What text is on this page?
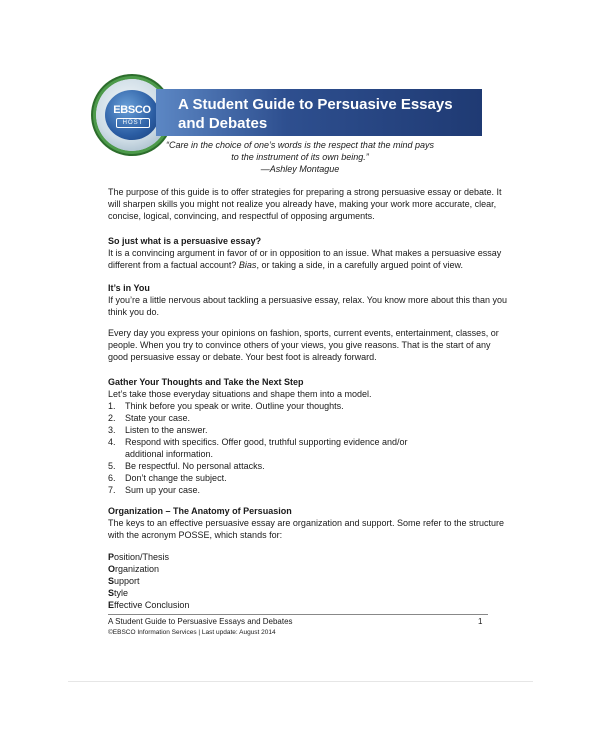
EBSCO
HOST
A Student Guide to Persuasive Essays
and Debates
“Care in the choice of one’s words is the respect that the mind pays
to the instrument of its own being.”
—Ashley Montague

The purpose of this guide is to offer strategies for preparing a strong persuasive essay or debate. It will sharpen skills you might not realize you already have, making your work more accurate, clear, concise, logical, convincing, and respectful of opposing arguments.

So just what is a persuasive essay?

It is a convincing argument in favor of or in opposition to an issue. What makes a persuasive essay different from a factual account? Bias, or taking a side, in a carefully argued point of view.

It’s in You

If you’re a little nervous about tackling a persuasive essay, relax. You know more about this than you think you do.

Every day you express your opinions on fashion, sports, current events, entertainment, classes, or people. When you try to convince others of your views, you give reasons. That is the start of any good persuasive essay or debate. Your best foot is already forward.

Gather Your Thoughts and Take the Next Step

Let’s take those everyday situations and shape them into a model.

1. Think before you speak or write. Outline your thoughts.
2. State your case.
3. Listen to the answer.
4. Respond with specifics. Offer good, truthful supporting evidence and/or additional information.
5. Be respectful. No personal attacks.
6. Don’t change the subject.
7. Sum up your case.
Organization – The Anatomy of Persuasion

The keys to an effective persuasive essay are organization and support. Some refer to the structure with the acronym POSSE, which stands for:

Position/Thesis
Organization
Support
Style
Effective Conclusion
A Student Guide to Persuasive Essays and Debates
©EBSCO Information Services | Last update: August 2014
1
